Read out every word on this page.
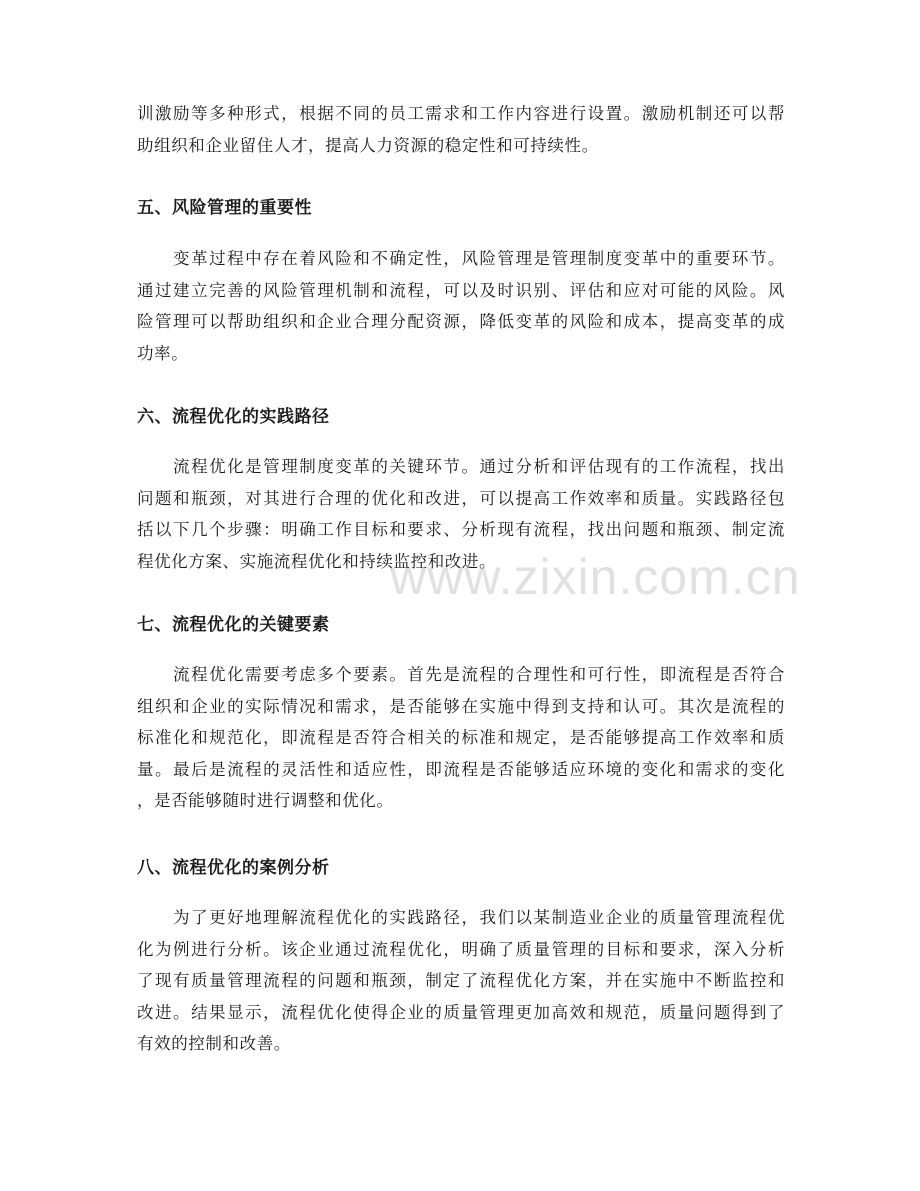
训激励等多种形式，根据不同的员工需求和工作内容进行设置。激励机制还可以帮
助组织和企业留住人才，提高人力资源的稳定性和可持续性。

五、风险管理的重要性

　　变革过程中存在着风险和不确定性，风险管理是管理制度变革中的重要环节。
通过建立完善的风险管理机制和流程，可以及时识别、评估和应对可能的风险。风
险管理可以帮助组织和企业合理分配资源，降低变革的风险和成本，提高变革的成
功率。

六、流程优化的实践路径

　　流程优化是管理制度变革的关键环节。通过分析和评估现有的工作流程，找出
问题和瓶颈，对其进行合理的优化和改进，可以提高工作效率和质量。实践路径包
括以下几个步骤：明确工作目标和要求、分析现有流程，找出问题和瓶颈、制定流
程优化方案、实施流程优化和持续监控和改进。

七、流程优化的关键要素

　　流程优化需要考虑多个要素。首先是流程的合理性和可行性，即流程是否符合
组织和企业的实际情况和需求，是否能够在实施中得到支持和认可。其次是流程的
标准化和规范化，即流程是否符合相关的标准和规定，是否能够提高工作效率和质
量。最后是流程的灵活性和适应性，即流程是否能够适应环境的变化和需求的变化
，是否能够随时进行调整和优化。

八、流程优化的案例分析

　　为了更好地理解流程优化的实践路径，我们以某制造业企业的质量管理流程优
化为例进行分析。该企业通过流程优化，明确了质量管理的目标和要求，深入分析
了现有质量管理流程的问题和瓶颈，制定了流程优化方案，并在实施中不断监控和
改进。结果显示，流程优化使得企业的质量管理更加高效和规范，质量问题得到了
有效的控制和改善。

www.zixin.com.cn
